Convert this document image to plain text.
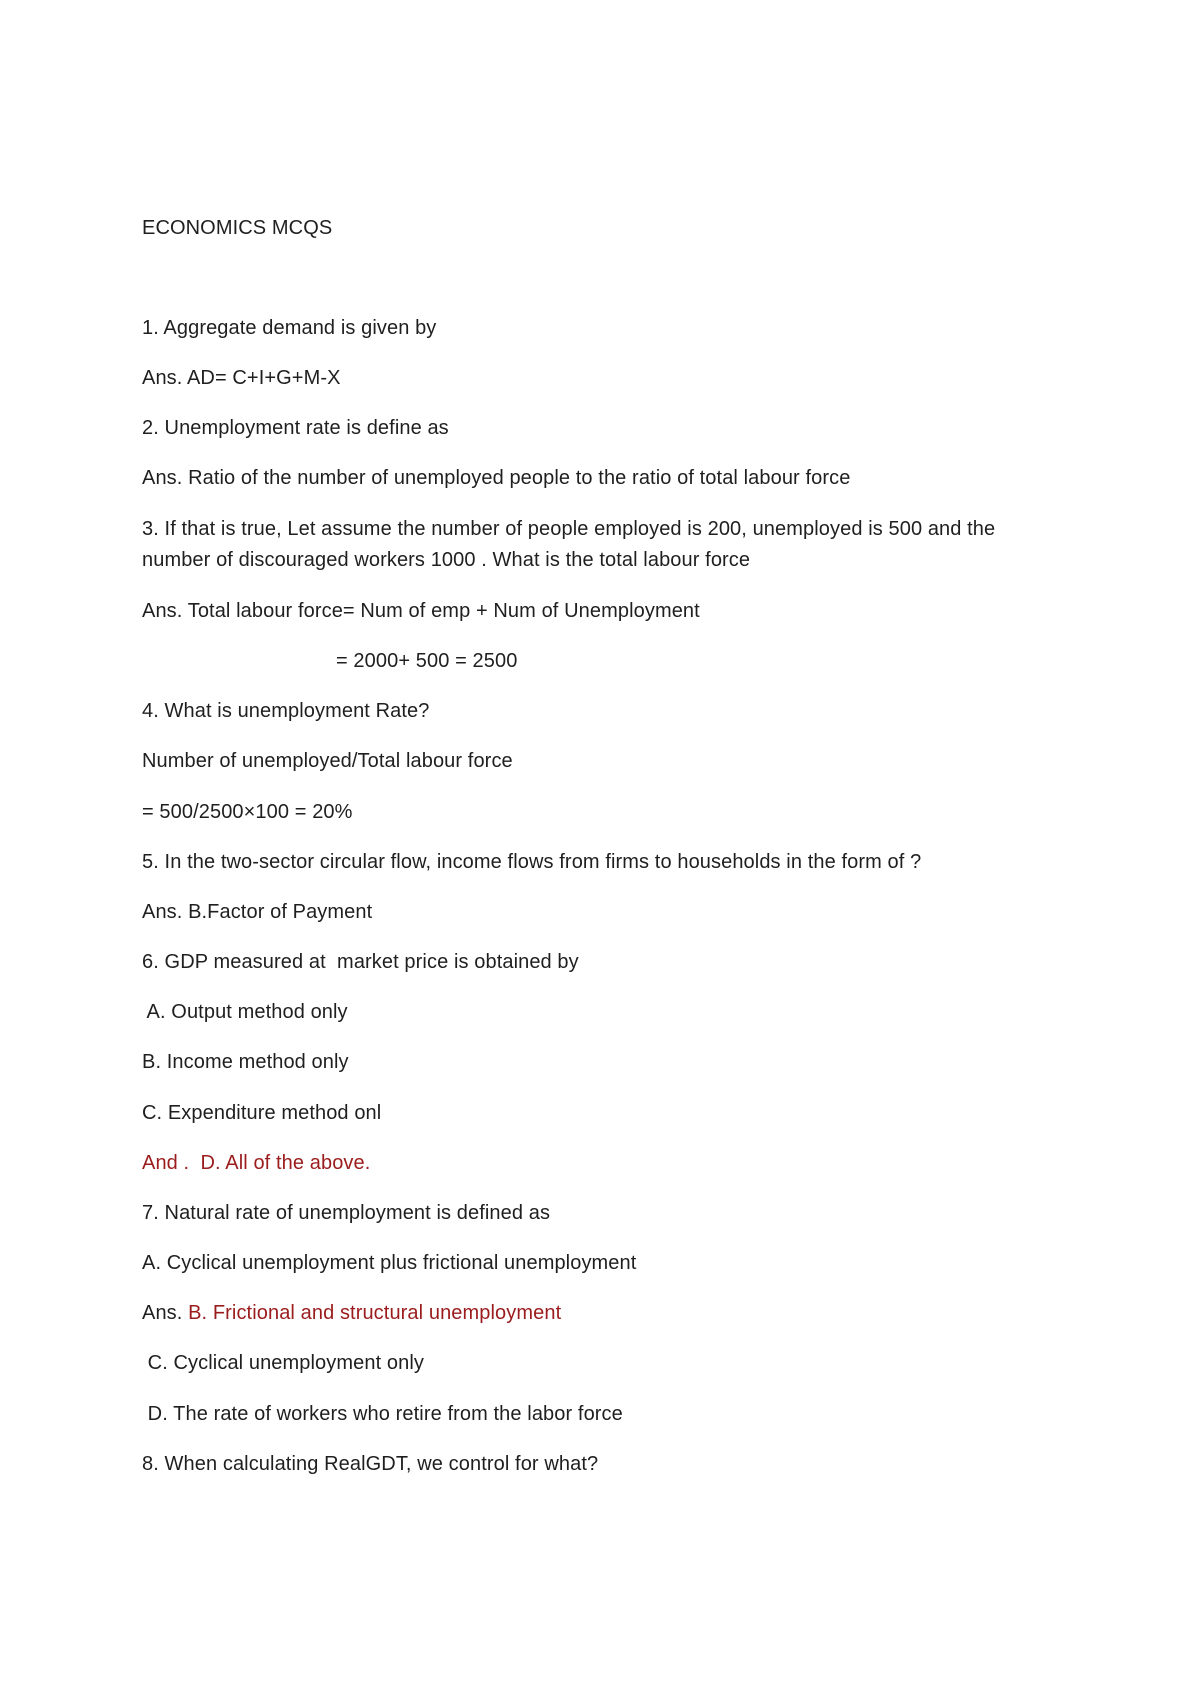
ECONOMICS MCQS
1. Aggregate demand is given by
Ans. AD= C+I+G+M-X
2. Unemployment rate is define as
Ans. Ratio of the number of unemployed people to the ratio of total labour force
3. If that is true, Let assume the number of people employed is 200, unemployed is 500 and the
number of discouraged workers 1000 . What is the total labour force
Ans. Total labour force= Num of emp + Num of Unemployment
= 2000+ 500 = 2500
4. What is unemployment Rate?
Number of unemployed/Total labour force
= 500/2500×100 = 20%
5. In the two-sector circular flow, income flows from firms to households in the form of ?
Ans. B.Factor of Payment
6. GDP measured at  market price is obtained by
A. Output method only
B. Income method only
C. Expenditure method onl
And .  D. All of the above.
7. Natural rate of unemployment is defined as
A. Cyclical unemployment plus frictional unemployment
Ans. B. Frictional and structural unemployment
C. Cyclical unemployment only
D. The rate of workers who retire from the labor force
8. When calculating RealGDT, we control for what?
